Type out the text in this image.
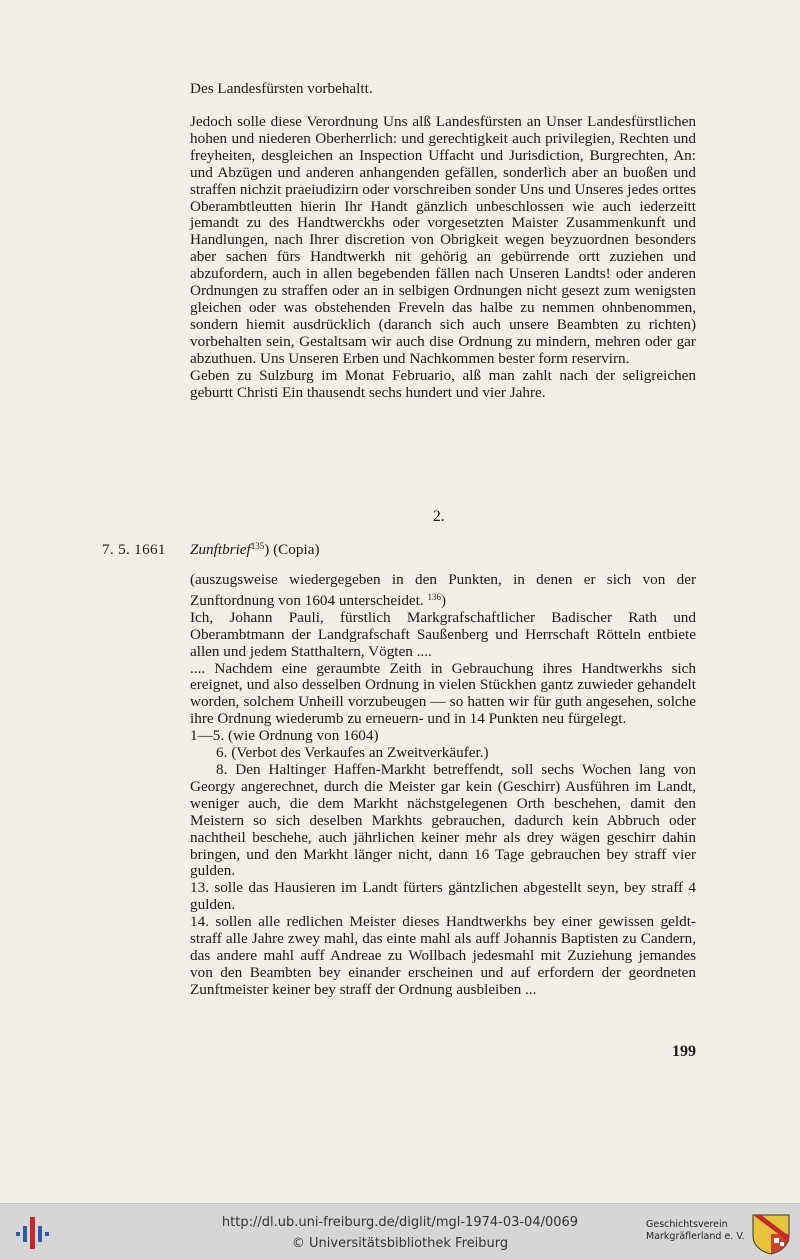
Des Landesfürsten vorbehaltt.

Jedoch solle diese Verordnung Uns alß Landesfürsten an Unser Landesfürstlichen hohen und niederen Oberherrlich: und gerechtigkeit auch privilegien, Rechten und freyheiten, desgleichen an Inspection Uffacht und Jurisdiction, Burgrechten, An: und Abzügen und anderen anhangenden gefällen, sonderlich aber an buoßen und straffen nichzit praeiudizirn oder vorschreiben sonder Uns und Unseres jedes orttes Oberambtleutten hierin Ihr Handt gänzlich unbeschlossen wie auch iederzeitt jemandt zu des Handtwerckhs oder vorgesetzten Maister Zusammenkunft und Handlungen, nach Ihrer discretion von Obrigkeit wegen beyzuordnen besonders aber sachen fürs Handtwerkh nit gehörig an gebürrende ortt zuziehen und abzufordern, auch in allen begebenden fällen nach Unseren Landts! oder anderen Ordnungen zu straffen oder an in selbigen Ordnungen nicht gesezt zum wenigsten gleichen oder was obstehenden Freveln das halbe zu nemmen ohnbenommen, sondern hiemit ausdrücklich (daranch sich auch unsere Beambten zu richten) vorbehalten sein, Gestaltsam wir auch dise Ordnung zu mindern, mehren oder gar abzuthuen. Uns Unseren Erben und Nachkommen bester form reservirn.

Geben zu Sulzburg im Monat Februario, alß man zahlt nach der seligreichen geburtt Christi Ein thausendt sechs hundert und vier Jahre.

2.
7. 5. 1661 Zunftbrief$^{135}$) (Copia)

(auszugsweise wiedergegeben in den Punkten, in denen er sich von der Zunftordnung von 1604 unterscheidet. $^{136}$)

Ich, Johann Pauli, fürstlich Markgrafschaftlicher Badischer Rath und Oberambtmann der Landgrafschaft Saußenberg und Herrschaft Rötteln entbiete allen und jedem Statthaltern, Vögten ....

.... Nachdem eine geraumbte Zeith in Gebrauchung ihres Handtwerkhs sich ereignet, und also desselben Ordnung in vielen Stückhen gantz zuwieder gehandelt worden, solchem Unheill vorzubeugen — so hatten wir für guth angesehen, solche ihre Ordnung wiederumb zu erneuern- und in 14 Punkten neu fürgelegt.

1—5. (wie Ordnung von 1604)

6. (Verbot des Verkaufes an Zweitverkäufer.)

8. Den Haltinger Haffen-Markht betreffendt, soll sechs Wochen lang von Georgy angerechnet, durch die Meister gar kein (Geschirr) Ausführen im Landt, weniger auch, die dem Markht nächstgelegenen Orth beschehen, damit den Meistern so sich deselben Markhts gebrauchen, dadurch kein Abbruch oder nachtheil beschehe, auch jährlichen keiner mehr als drey wägen geschirr dahin bringen, und den Markht länger nicht, dann 16 Tage gebrauchen bey straff vier gulden.

13. solle das Hausieren im Landt fürters gäntzlichen abgestellt seyn, bey straff 4 gulden.

14. sollen alle redlichen Meister dieses Handtwerkhs bey einer gewissen geldt-straff alle Jahre zwey mahl, das einte mahl als auff Johannis Baptisten zu Candern, das andere mahl auff Andreae zu Wollbach jedesmahl mit Zuziehung jemandes von den Beambten bey einander erscheinen und auf erfordern der geordneten Zunftmeister keiner bey straff der Ordnung ausbleiben ...

199
http://dl.ub.uni-freiburg.de/diglit/mgl-1974-03-04/0069
© Universitätsbibliothek Freiburg
Geschichtsverein
Markgräflerland e. V.
